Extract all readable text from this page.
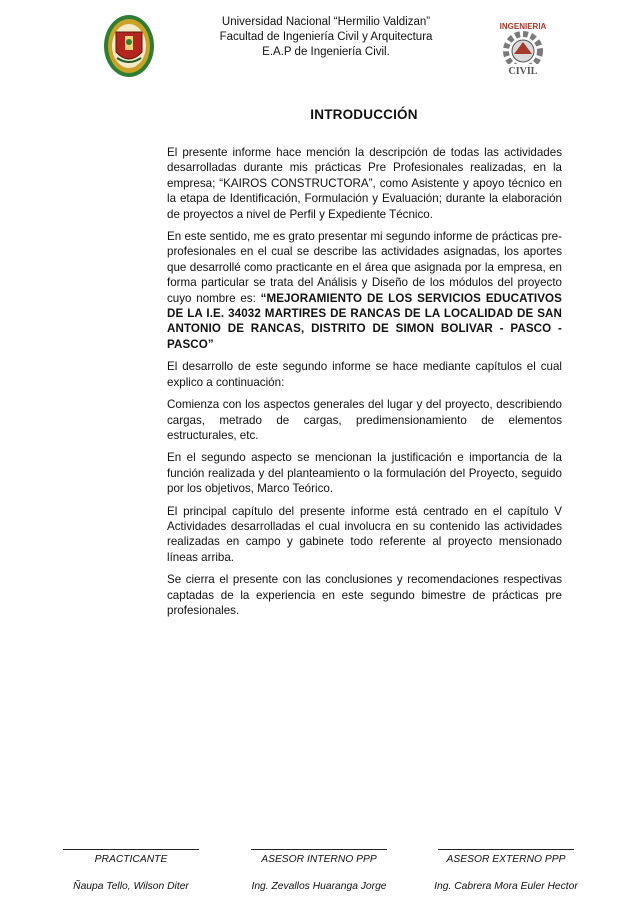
INGENIERIA
CIVIL
Universidad Nacional “Hermilio Valdizan”
Facultad de Ingeniería Civil y Arquitectura
E.A.P de Ingeniería Civil.
INTRODUCCIÓN

El presente informe hace mención la descripción de todas las actividades desarrolladas durante mis prácticas Pre Profesionales realizadas, en la empresa; “KAIROS CONSTRUCTORA”, como Asistente y apoyo técnico en la etapa de Identificación, Formulación y Evaluación; durante la elaboración de proyectos a nivel de Perfil y Expediente Técnico.

En este sentido, me es grato presentar mi segundo informe de prácticas pre-profesionales en el cual se describe las actividades asignadas, los aportes que desarrollé como practicante en el área que asignada por la empresa, en forma particular se trata del Análisis y Diseño de los módulos del proyecto cuyo nombre es: “MEJORAMIENTO DE LOS SERVICIOS EDUCATIVOS DE LA I.E. 34032 MARTIRES DE RANCAS DE LA LOCALIDAD DE SAN ANTONIO DE RANCAS, DISTRITO DE SIMON BOLIVAR - PASCO - PASCO”

El desarrollo de este segundo informe se hace mediante capítulos el cual explico a continuación:

Comienza con los aspectos generales del lugar y del proyecto, describiendo cargas, metrado de cargas, predimensionamiento de elementos estructurales, etc.

En el segundo aspecto se mencionan la justificación e importancia de la función realizada y del planteamiento o la formulación del Proyecto, seguido por los objetivos, Marco Teórico.

El principal capítulo del presente informe está centrado en el capítulo V Actividades desarrolladas el cual involucra en su contenido las actividades realizadas en campo y gabinete todo referente al proyecto mensionado líneas arriba.

Se cierra el presente con las conclusiones y recomendaciones respectivas captadas de la experiencia en este segundo bimestre de prácticas pre profesionales.

PRACTICANTE
Ñaupa Tello, Wilson Diter
ASESOR INTERNO PPP
Ing. Zevallos Huaranga Jorge
ASESOR EXTERNO PPP
Ing. Cabrera Mora Euler Hector
